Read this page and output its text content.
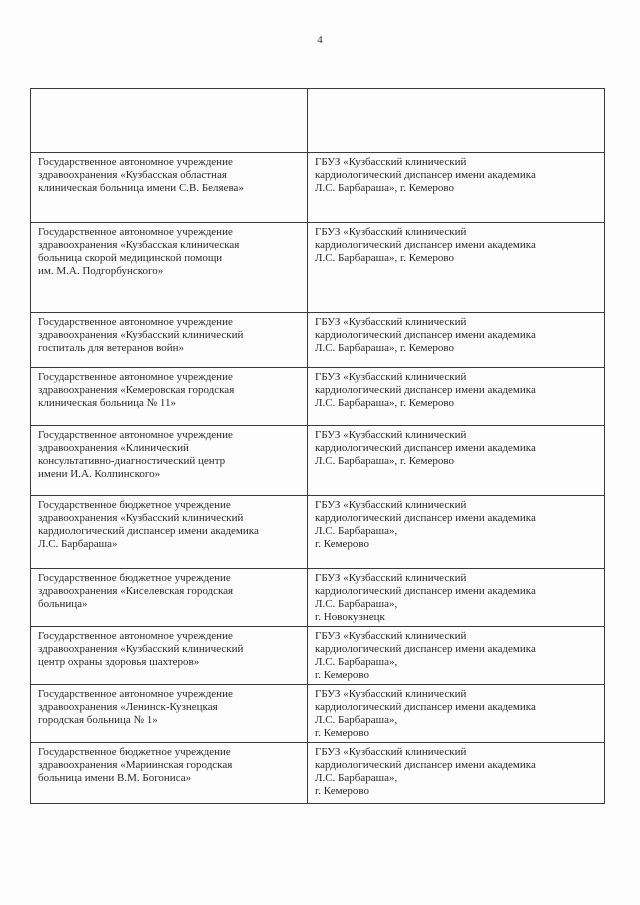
4

Государственное автономное учреждение
здравоохранения «Кузбасская областная
клиническая больница имени С.В. Беляева»	ГБУЗ «Кузбасский клинический
кардиологический диспансер имени академика
Л.С. Барбараша», г. Кемерово

Государственное автономное учреждение
здравоохранения «Кузбасская клиническая
больница скорой медицинской помощи
им. М.А. Подгорбунского»	ГБУЗ «Кузбасский клинический
кардиологический диспансер имени академика
Л.С. Барбараша», г. Кемерово

Государственное автономное учреждение
здравоохранения «Кузбасский клинический
госпиталь для ветеранов войн»	ГБУЗ «Кузбасский клинический
кардиологический диспансер имени академика
Л.С. Барбараша», г. Кемерово

Государственное автономное учреждение
здравоохранения «Кемеровская городская
клиническая больница № 11»	ГБУЗ «Кузбасский клинический
кардиологический диспансер имени академика
Л.С. Барбараша», г. Кемерово

Государственное автономное учреждение
здравоохранения «Клинический
консультативно-диагностический центр
имени И.А. Колпинского»	ГБУЗ «Кузбасский клинический
кардиологический диспансер имени академика
Л.С. Барбараша», г. Кемерово

Государственное бюджетное учреждение
здравоохранения «Кузбасский клинический
кардиологический диспансер имени академика
Л.С. Барбараша»	ГБУЗ «Кузбасский клинический
кардиологический диспансер имени академика
Л.С. Барбараша»,
г. Кемерово

Государственное бюджетное учреждение
здравоохранения «Киселевская городская
больница»	ГБУЗ «Кузбасский клинический
кардиологический диспансер имени академика
Л.С. Барбараша»,
г. Новокузнецк

Государственное автономное учреждение
здравоохранения «Кузбасский клинический
центр охраны здоровья шахтеров»	ГБУЗ «Кузбасский клинический
кардиологический диспансер имени академика
Л.С. Барбараша»,
г. Кемерово

Государственное автономное учреждение
здравоохранения «Ленинск-Кузнецкая
городская больница № 1»	ГБУЗ «Кузбасский клинический
кардиологический диспансер имени академика
Л.С. Барбараша»,
г. Кемерово

Государственное бюджетное учреждение
здравоохранения «Мариинская городская
больница имени В.М. Богониса»	ГБУЗ «Кузбасский клинический
кардиологический диспансер имени академика
Л.С. Барбараша»,
г. Кемерово
